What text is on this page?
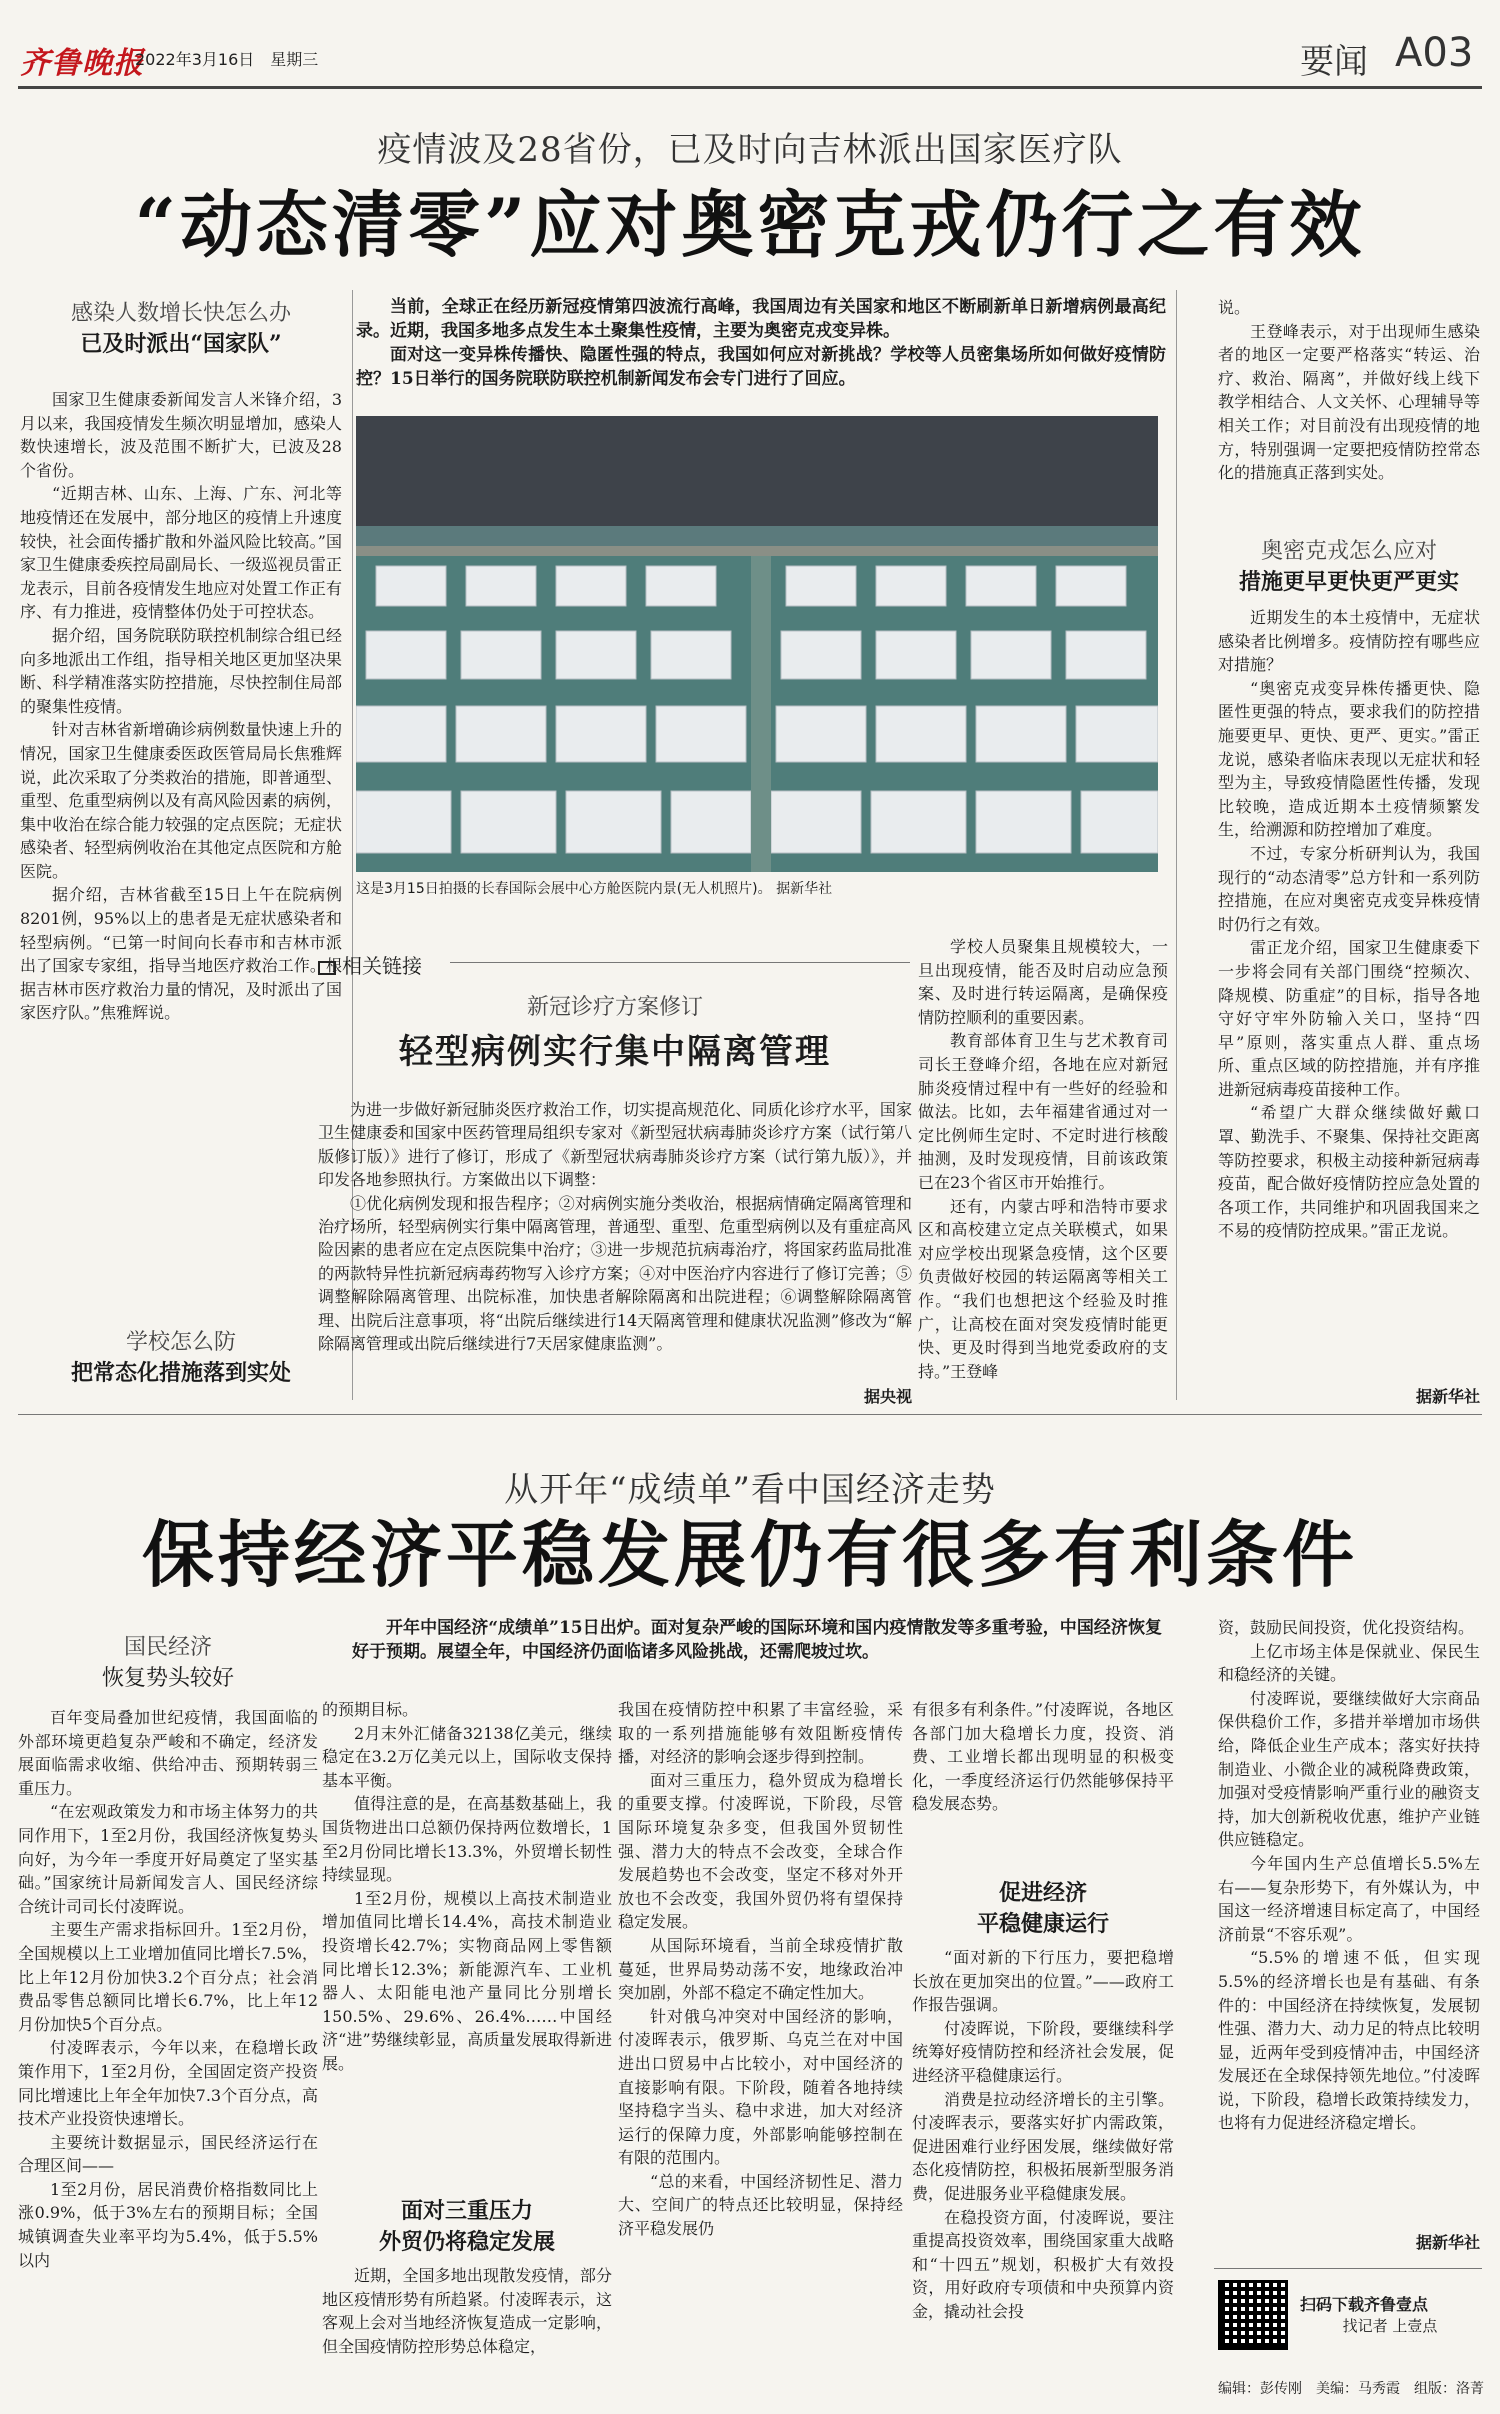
齐鲁晚报
2022年3月16日　星期三	要闻 A03
疫情波及28省份，已及时向吉林派出国家医疗队
“动态清零”应对奥密克戎仍行之有效
感染人数增长快怎么办
已及时派出“国家队”

国家卫生健康委新闻发言人米锋介绍，3月以来，我国疫情发生频次明显增加，感染人数快速增长，波及范围不断扩大，已波及28个省份。

“近期吉林、山东、上海、广东、河北等地疫情还在发展中，部分地区的疫情上升速度较快，社会面传播扩散和外溢风险比较高。”国家卫生健康委疾控局副局长、一级巡视员雷正龙表示，目前各疫情发生地应对处置工作正有序、有力推进，疫情整体仍处于可控状态。

据介绍，国务院联防联控机制综合组已经向多地派出工作组，指导相关地区更加坚决果断、科学精准落实防控措施，尽快控制住局部的聚集性疫情。

针对吉林省新增确诊病例数量快速上升的情况，国家卫生健康委医政医管局局长焦雅辉说，此次采取了分类救治的措施，即普通型、重型、危重型病例以及有高风险因素的病例，集中收治在综合能力较强的定点医院；无症状感染者、轻型病例收治在其他定点医院和方舱医院。

据介绍，吉林省截至15日上午在院病例8201例，95%以上的患者是无症状感染者和轻型病例。“已第一时间向长春市和吉林市派出了国家专家组，指导当地医疗救治工作。根据吉林市医疗救治力量的情况，及时派出了国家医疗队。”焦雅辉说。

学校怎么防
把常态化措施落到实处

当前，全球正在经历新冠疫情第四波流行高峰，我国周边有关国家和地区不断刷新单日新增病例最高纪录。近期，我国多地多点发生本土聚集性疫情，主要为奥密克戎变异株。

面对这一变异株传播快、隐匿性强的特点，我国如何应对新挑战？学校等人员密集场所如何做好疫情防控？15日举行的国务院联防联控机制新闻发布会专门进行了回应。

这是3月15日拍摄的长春国际会展中心方舱医院内景(无人机照片)。 据新华社
相关链接
新冠诊疗方案修订
轻型病例实行集中隔离管理

为进一步做好新冠肺炎医疗救治工作，切实提高规范化、同质化诊疗水平，国家卫生健康委和国家中医药管理局组织专家对《新型冠状病毒肺炎诊疗方案（试行第八版修订版）》进行了修订，形成了《新型冠状病毒肺炎诊疗方案（试行第九版）》，并印发各地参照执行。方案做出以下调整：

①优化病例发现和报告程序；②对病例实施分类收治，根据病情确定隔离管理和治疗场所，轻型病例实行集中隔离管理，普通型、重型、危重型病例以及有重症高风险因素的患者应在定点医院集中治疗；③进一步规范抗病毒治疗，将国家药监局批准的两款特异性抗新冠病毒药物写入诊疗方案；④对中医治疗内容进行了修订完善；⑤调整解除隔离管理、出院标准，加快患者解除隔离和出院进程；⑥调整解除隔离管理、出院后注意事项，将“出院后继续进行14天隔离管理和健康状况监测”修改为“解除隔离管理或出院后继续进行7天居家健康监测”。

据央视

学校人员聚集且规模较大，一旦出现疫情，能否及时启动应急预案、及时进行转运隔离，是确保疫情防控顺利的重要因素。

教育部体育卫生与艺术教育司司长王登峰介绍，各地在应对新冠肺炎疫情过程中有一些好的经验和做法。比如，去年福建省通过对一定比例师生定时、不定时进行核酸抽测，及时发现疫情，目前该政策已在23个省区市开始推行。

还有，内蒙古呼和浩特市要求区和高校建立定点关联模式，如果对应学校出现紧急疫情，这个区要负责做好校园的转运隔离等相关工作。“我们也想把这个经验及时推广，让高校在面对突发疫情时能更快、更及时得到当地党委政府的支持。”王登峰

说。

王登峰表示，对于出现师生感染者的地区一定要严格落实“转运、治疗、救治、隔离”，并做好线上线下教学相结合、人文关怀、心理辅导等相关工作；对目前没有出现疫情的地方，特别强调一定要把疫情防控常态化的措施真正落到实处。

奥密克戎怎么应对
措施更早更快更严更实

近期发生的本土疫情中，无症状感染者比例增多。疫情防控有哪些应对措施？

“奥密克戎变异株传播更快、隐匿性更强的特点，要求我们的防控措施要更早、更快、更严、更实。”雷正龙说，感染者临床表现以无症状和轻型为主，导致疫情隐匿性传播，发现比较晚，造成近期本土疫情频繁发生，给溯源和防控增加了难度。

不过，专家分析研判认为，我国现行的“动态清零”总方针和一系列防控措施，在应对奥密克戎变异株疫情时仍行之有效。

雷正龙介绍，国家卫生健康委下一步将会同有关部门围绕“控频次、降规模、防重症”的目标，指导各地守好守牢外防输入关口，坚持“四早”原则，落实重点人群、重点场所、重点区域的防控措施，并有序推进新冠病毒疫苗接种工作。

“希望广大群众继续做好戴口罩、勤洗手、不聚集、保持社交距离等防控要求，积极主动接种新冠病毒疫苗，配合做好疫情防控应急处置的各项工作，共同维护和巩固我国来之不易的疫情防控成果。”雷正龙说。

据新华社
从开年“成绩单”看中国经济走势
保持经济平稳发展仍有很多有利条件

开年中国经济“成绩单”15日出炉。面对复杂严峻的国际环境和国内疫情散发等多重考验，中国经济恢复好于预期。展望全年，中国经济仍面临诸多风险挑战，还需爬坡过坎。

国民经济
恢复势头较好

百年变局叠加世纪疫情，我国面临的外部环境更趋复杂严峻和不确定，经济发展面临需求收缩、供给冲击、预期转弱三重压力。

“在宏观政策发力和市场主体努力的共同作用下，1至2月份，我国经济恢复势头向好，为今年一季度开好局奠定了坚实基础。”国家统计局新闻发言人、国民经济综合统计司司长付凌晖说。

主要生产需求指标回升。1至2月份，全国规模以上工业增加值同比增长7.5%，比上年12月份加快3.2个百分点；社会消费品零售总额同比增长6.7%，比上年12月份加快5个百分点。

付凌晖表示，今年以来，在稳增长政策作用下，1至2月份，全国固定资产投资同比增速比上年全年加快7.3个百分点，高技术产业投资快速增长。

主要统计数据显示，国民经济运行在合理区间——

1至2月份，居民消费价格指数同比上涨0.9%，低于3%左右的预期目标；全国城镇调查失业率平均为5.4%，低于5.5%以内

的预期目标。

2月末外汇储备32138亿美元，继续稳定在3.2万亿美元以上，国际收支保持基本平衡。

值得注意的是，在高基数基础上，我国货物进出口总额仍保持两位数增长，1至2月份同比增长13.3%，外贸增长韧性持续显现。

1至2月份，规模以上高技术制造业增加值同比增长14.4%，高技术制造业投资增长42.7%；实物商品网上零售额同比增长12.3%；新能源汽车、工业机器人、太阳能电池产量同比分别增长150.5%、29.6%、26.4%……中国经济“进”势继续彰显，高质量发展取得新进展。

面对三重压力
外贸仍将稳定发展

近期，全国多地出现散发疫情，部分地区疫情形势有所趋紧。付凌晖表示，这客观上会对当地经济恢复造成一定影响，但全国疫情防控形势总体稳定，

我国在疫情防控中积累了丰富经验，采取的一系列措施能够有效阻断疫情传播，对经济的影响会逐步得到控制。

面对三重压力，稳外贸成为稳增长的重要支撑。付凌晖说，下阶段，尽管国际环境复杂多变，但我国外贸韧性强、潜力大的特点不会改变，全球合作发展趋势也不会改变，坚定不移对外开放也不会改变，我国外贸仍将有望保持稳定发展。

从国际环境看，当前全球疫情扩散蔓延，世界局势动荡不安，地缘政治冲突加剧，外部不稳定不确定性加大。

针对俄乌冲突对中国经济的影响，付凌晖表示，俄罗斯、乌克兰在对中国进出口贸易中占比较小，对中国经济的直接影响有限。下阶段，随着各地持续坚持稳字当头、稳中求进，加大对经济运行的保障力度，外部影响能够控制在有限的范围内。

“总的来看，中国经济韧性足、潜力大、空间广的特点还比较明显，保持经济平稳发展仍

有很多有利条件。”付凌晖说，各地区各部门加大稳增长力度，投资、消费、工业增长都出现明显的积极变化，一季度经济运行仍然能够保持平稳发展态势。

促进经济
平稳健康运行

“面对新的下行压力，要把稳增长放在更加突出的位置。”——政府工作报告强调。

付凌晖说，下阶段，要继续科学统筹好疫情防控和经济社会发展，促进经济平稳健康运行。

消费是拉动经济增长的主引擎。付凌晖表示，要落实好扩内需政策，促进困难行业纾困发展，继续做好常态化疫情防控，积极拓展新型服务消费，促进服务业平稳健康发展。

在稳投资方面，付凌晖说，要注重提高投资效率，围绕国家重大战略和“十四五”规划，积极扩大有效投资，用好政府专项债和中央预算内资金，撬动社会投

资，鼓励民间投资，优化投资结构。

上亿市场主体是保就业、保民生和稳经济的关键。

付凌晖说，要继续做好大宗商品保供稳价工作，多措并举增加市场供给，降低企业生产成本；落实好扶持制造业、小微企业的减税降费政策，加强对受疫情影响严重行业的融资支持，加大创新税收优惠，维护产业链供应链稳定。

今年国内生产总值增长5.5%左右——复杂形势下，有外媒认为，中国这一经济增速目标定高了，中国经济前景“不容乐观”。

“5.5%的增速不低，但实现5.5%的经济增长也是有基础、有条件的：中国经济在持续恢复，发展韧性强、潜力大、动力足的特点比较明显，近两年受到疫情冲击，中国经济发展还在全球保持领先地位。”付凌晖说，下阶段，稳增长政策持续发力，也将有力促进经济稳定增长。

据新华社
扫码下载齐鲁壹点
找记者 上壹点
编辑：彭传刚　美编：马秀霞　组版：洛菁
